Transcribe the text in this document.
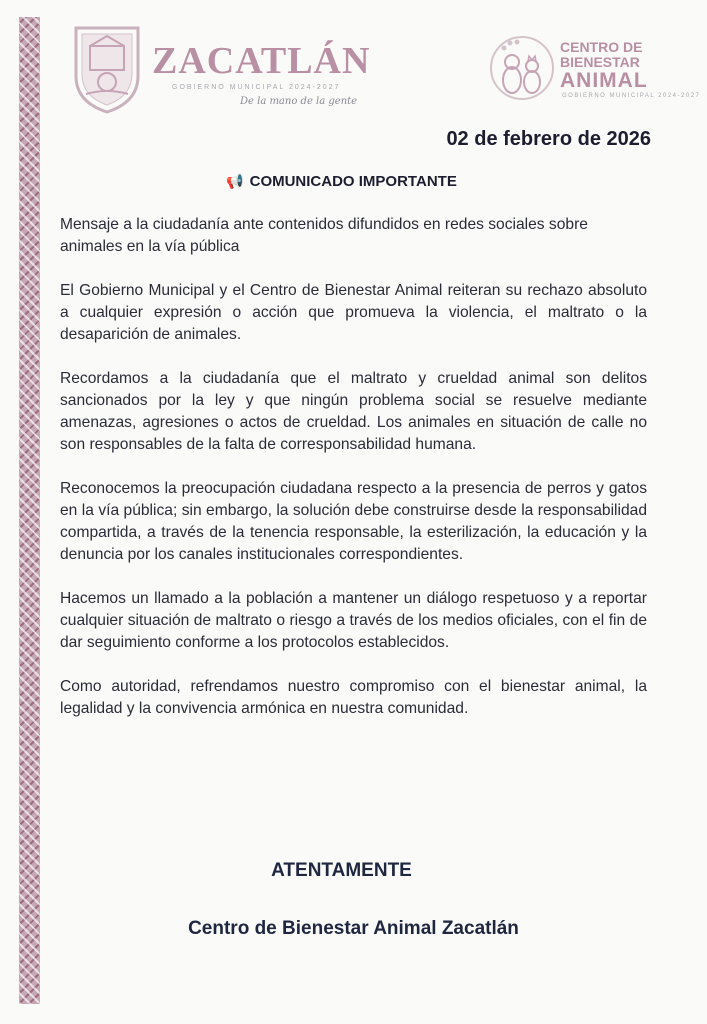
ZACATLÁN
GOBIERNO MUNICIPAL 2024-2027
De la mano de la gente
CENTRO DE
BIENESTAR
ANIMAL
GOBIERNO MUNICIPAL 2024-2027
02 de febrero de 2026
📢 COMUNICADO IMPORTANTE

Mensaje a la ciudadanía ante contenidos difundidos en redes sociales sobre animales en la vía pública

El Gobierno Municipal y el Centro de Bienestar Animal reiteran su rechazo absoluto a cualquier expresión o acción que promueva la violencia, el maltrato o la desaparición de animales.

Recordamos a la ciudadanía que el maltrato y crueldad animal son delitos sancionados por la ley y que ningún problema social se resuelve mediante amenazas, agresiones o actos de crueldad. Los animales en situación de calle no son responsables de la falta de corresponsabilidad humana.

Reconocemos la preocupación ciudadana respecto a la presencia de perros y gatos en la vía pública; sin embargo, la solución debe construirse desde la responsabilidad compartida, a través de la tenencia responsable, la esterilización, la educación y la denuncia por los canales institucionales correspondientes.

Hacemos un llamado a la población a mantener un diálogo respetuoso y a reportar cualquier situación de maltrato o riesgo a través de los medios oficiales, con el fin de dar seguimiento conforme a los protocolos establecidos.

Como autoridad, refrendamos nuestro compromiso con el bienestar animal, la legalidad y la convivencia armónica en nuestra comunidad.

ATENTAMENTE
Centro de Bienestar Animal Zacatlán
